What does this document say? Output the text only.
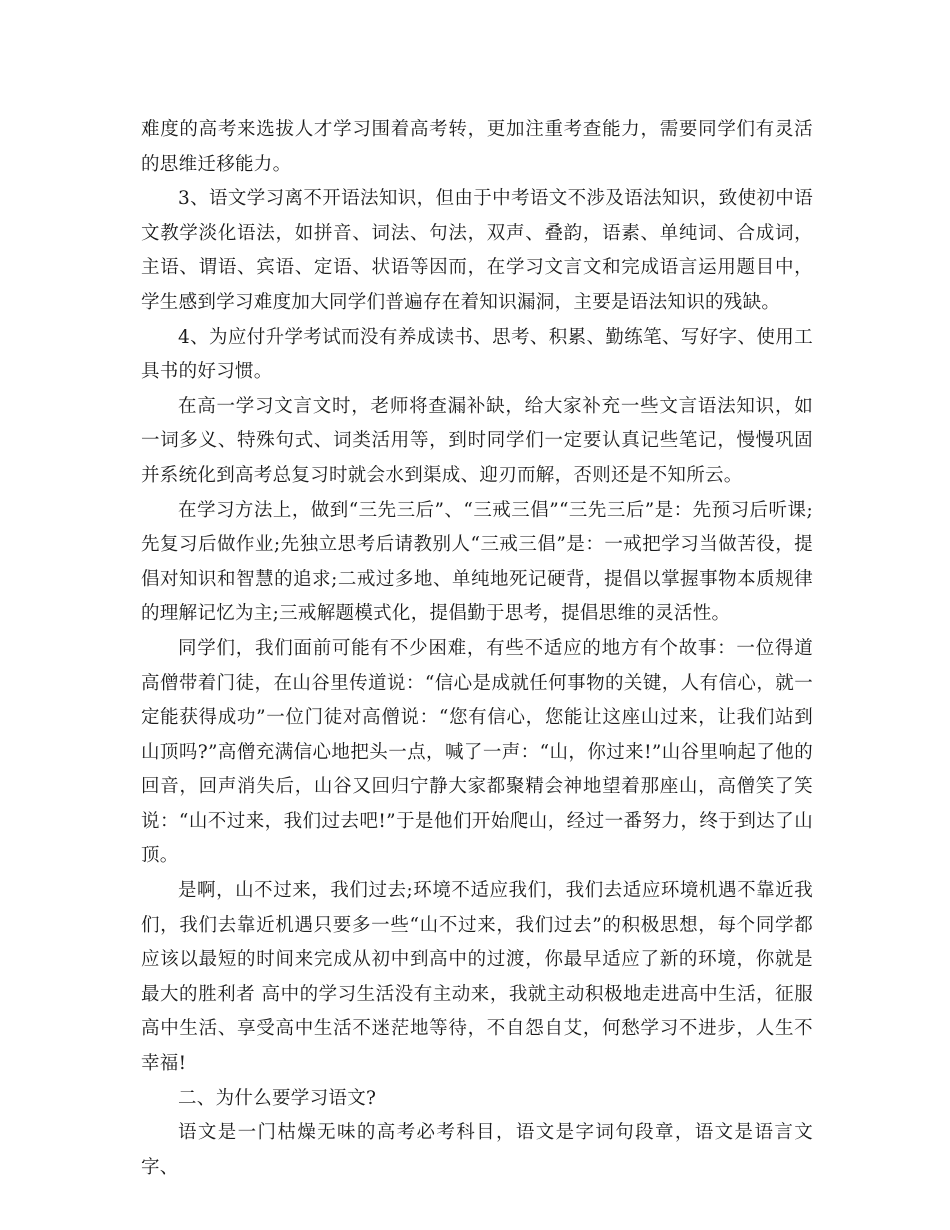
难度的高考来选拔人才学习围着高考转，更加注重考查能力，需要同学们有灵活的思维迁移能力。

3、语文学习离不开语法知识，但由于中考语文不涉及语法知识，致使初中语文教学淡化语法，如拼音、词法、句法，双声、叠韵，语素、单纯词、合成词，主语、谓语、宾语、定语、状语等因而，在学习文言文和完成语言运用题目中，学生感到学习难度加大同学们普遍存在着知识漏洞，主要是语法知识的残缺。

4、为应付升学考试而没有养成读书、思考、积累、勤练笔、写好字、使用工具书的好习惯。

在高一学习文言文时，老师将查漏补缺，给大家补充一些文言语法知识，如一词多义、特殊句式、词类活用等，到时同学们一定要认真记些笔记，慢慢巩固并系统化到高考总复习时就会水到渠成、迎刃而解，否则还是不知所云。

在学习方法上，做到“三先三后”、“三戒三倡”“三先三后”是：先预习后听课;先复习后做作业;先独立思考后请教别人“三戒三倡”是：一戒把学习当做苦役，提倡对知识和智慧的追求;二戒过多地、单纯地死记硬背，提倡以掌握事物本质规律的理解记忆为主;三戒解题模式化，提倡勤于思考，提倡思维的灵活性。

同学们，我们面前可能有不少困难，有些不适应的地方有个故事：一位得道高僧带着门徒，在山谷里传道说：“信心是成就任何事物的关键，人有信心，就一定能获得成功”一位门徒对高僧说：“您有信心，您能让这座山过来，让我们站到山顶吗?”高僧充满信心地把头一点，喊了一声：“山，你过来!”山谷里响起了他的回音，回声消失后，山谷又回归宁静大家都聚精会神地望着那座山，高僧笑了笑说：“山不过来，我们过去吧!”于是他们开始爬山，经过一番努力，终于到达了山顶。

是啊，山不过来，我们过去;环境不适应我们，我们去适应环境机遇不靠近我们，我们去靠近机遇只要多一些“山不过来，我们过去”的积极思想，每个同学都应该以最短的时间来完成从初中到高中的过渡，你最早适应了新的环境，你就是最大的胜利者 高中的学习生活没有主动来，我就主动积极地走进高中生活，征服高中生活、享受高中生活不迷茫地等待，不自怨自艾，何愁学习不进步，人生不幸福!

二、为什么要学习语文?

语文是一门枯燥无味的高考必考科目，语文是字词句段章，语文是语言文字、
